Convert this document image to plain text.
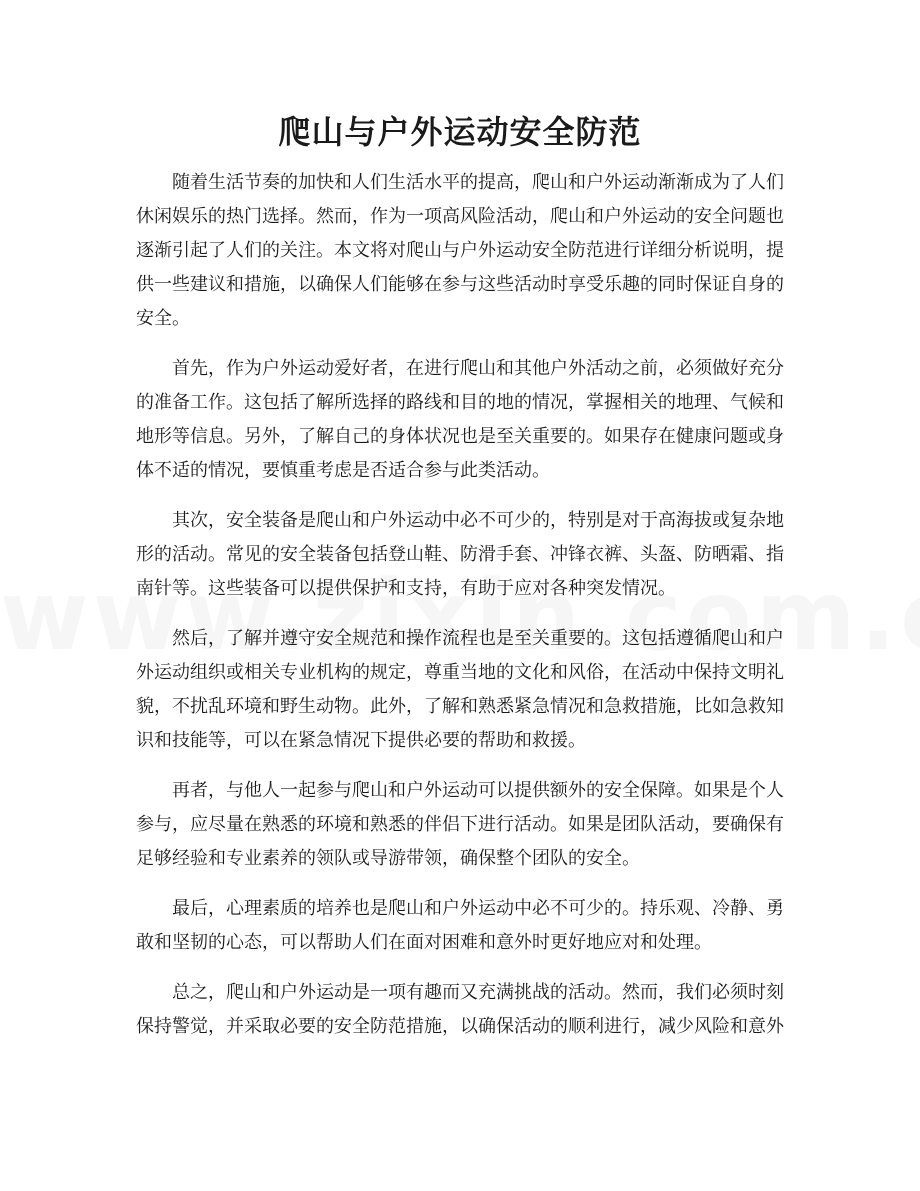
爬山与户外运动安全防范

随着生活节奏的加快和人们生活水平的提高，爬山和户外运动渐渐成为了人们休闲娱乐的热门选择。然而，作为一项高风险活动，爬山和户外运动的安全问题也逐渐引起了人们的关注。本文将对爬山与户外运动安全防范进行详细分析说明，提供一些建议和措施，以确保人们能够在参与这些活动时享受乐趣的同时保证自身的安全。

首先，作为户外运动爱好者，在进行爬山和其他户外活动之前，必须做好充分的准备工作。这包括了解所选择的路线和目的地的情况，掌握相关的地理、气候和地形等信息。另外，了解自己的身体状况也是至关重要的。如果存在健康问题或身体不适的情况，要慎重考虑是否适合参与此类活动。

其次，安全装备是爬山和户外运动中必不可少的，特别是对于高海拔或复杂地形的活动。常见的安全装备包括登山鞋、防滑手套、冲锋衣裤、头盔、防晒霜、指南针等。这些装备可以提供保护和支持，有助于应对各种突发情况。

然后，了解并遵守安全规范和操作流程也是至关重要的。这包括遵循爬山和户外运动组织或相关专业机构的规定，尊重当地的文化和风俗，在活动中保持文明礼貌，不扰乱环境和野生动物。此外，了解和熟悉紧急情况和急救措施，比如急救知识和技能等，可以在紧急情况下提供必要的帮助和救援。

再者，与他人一起参与爬山和户外运动可以提供额外的安全保障。如果是个人参与，应尽量在熟悉的环境和熟悉的伴侣下进行活动。如果是团队活动，要确保有足够经验和专业素养的领队或导游带领，确保整个团队的安全。

最后，心理素质的培养也是爬山和户外运动中必不可少的。持乐观、冷静、勇敢和坚韧的心态，可以帮助人们在面对困难和意外时更好地应对和处理。

总之，爬山和户外运动是一项有趣而又充满挑战的活动。然而，我们必须时刻保持警觉，并采取必要的安全防范措施，以确保活动的顺利进行，减少风险和意外
